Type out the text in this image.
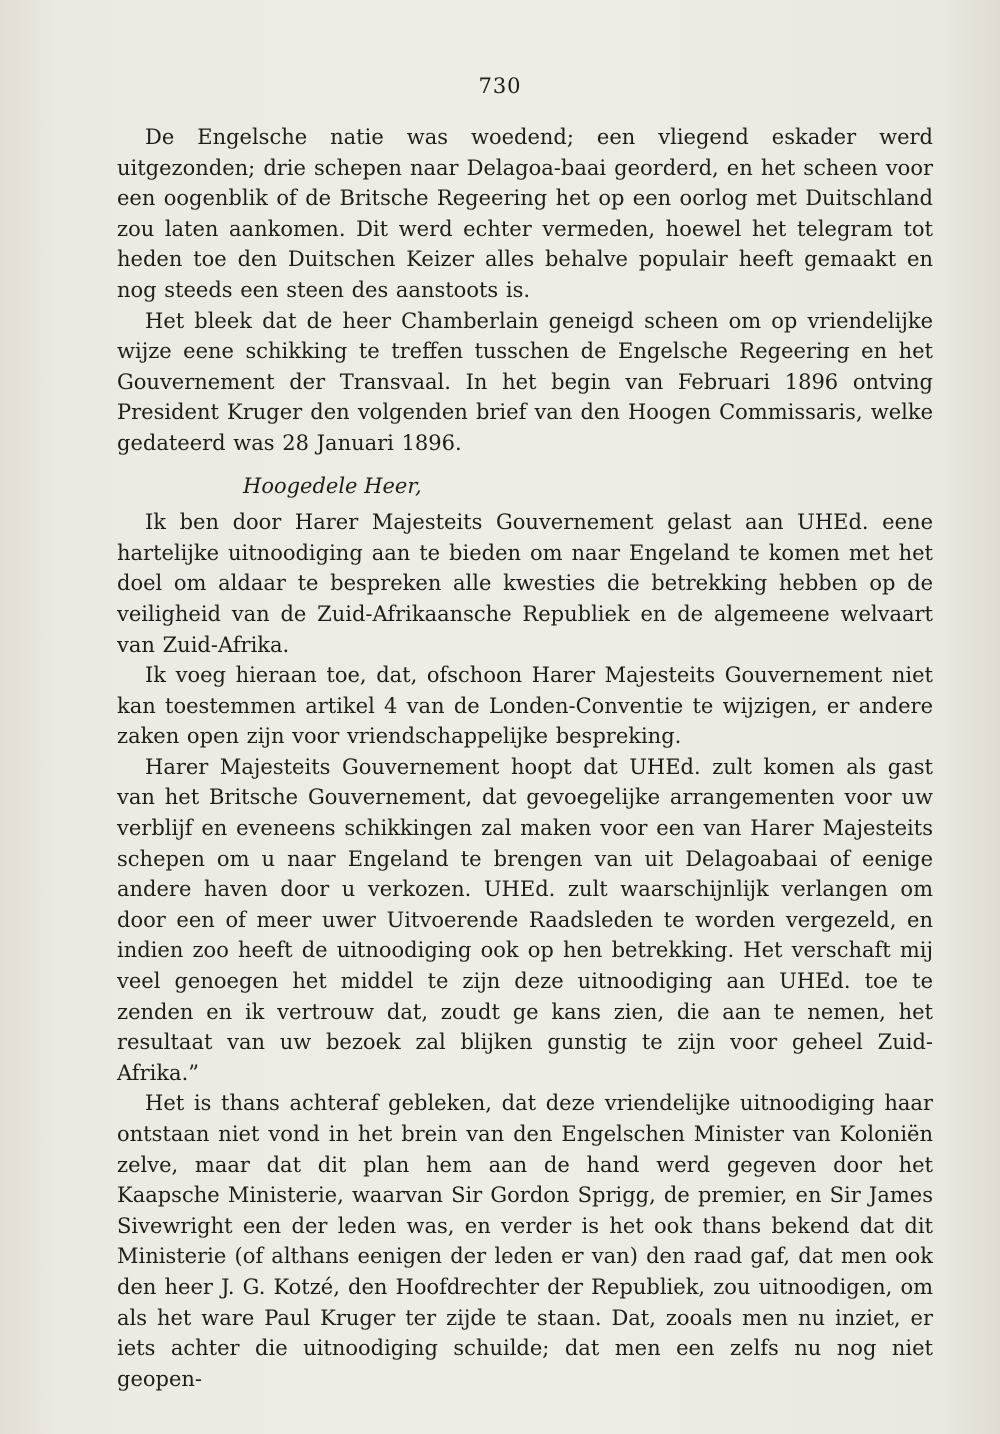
730

De Engelsche natie was woedend; een vliegend eskader werd uitgezonden; drie schepen naar Delagoa-baai georderd, en het scheen voor een oogenblik of de Britsche Regeering het op een oorlog met Duitschland zou laten aankomen. Dit werd echter vermeden, hoewel het telegram tot heden toe den Duitschen Keizer alles behalve populair heeft gemaakt en nog steeds een steen des aanstoots is.

Het bleek dat de heer Chamberlain geneigd scheen om op vriendelijke wijze eene schikking te treffen tusschen de Engelsche Regeering en het Gouvernement der Transvaal. In het begin van Februari 1896 ontving President Kruger den volgenden brief van den Hoogen Commissaris, welke gedateerd was 28 Januari 1896.

Hoogedele Heer,

Ik ben door Harer Majesteits Gouvernement gelast aan UHEd. eene hartelijke uitnoodiging aan te bieden om naar Engeland te komen met het doel om aldaar te bespreken alle kwesties die betrekking hebben op de veiligheid van de Zuid-Afrikaansche Republiek en de algemeene welvaart van Zuid-Afrika.

Ik voeg hieraan toe, dat, ofschoon Harer Majesteits Gouvernement niet kan toestemmen artikel 4 van de Londen-Conventie te wijzigen, er andere zaken open zijn voor vriendschappelijke bespreking.

Harer Majesteits Gouvernement hoopt dat UHEd. zult komen als gast van het Britsche Gouvernement, dat gevoegelijke arrangementen voor uw verblijf en eveneens schikkingen zal maken voor een van Harer Majesteits schepen om u naar Engeland te brengen van uit Delagoabaai of eenige andere haven door u verkozen. UHEd. zult waarschijnlijk verlangen om door een of meer uwer Uitvoerende Raadsleden te worden vergezeld, en indien zoo heeft de uitnoodiging ook op hen betrekking. Het verschaft mij veel genoegen het middel te zijn deze uitnoodiging aan UHEd. toe te zenden en ik vertrouw dat, zoudt ge kans zien, die aan te nemen, het resultaat van uw bezoek zal blijken gunstig te zijn voor geheel Zuid-Afrika.”

Het is thans achteraf gebleken, dat deze vriendelijke uitnoodiging haar ontstaan niet vond in het brein van den Engelschen Minister van Koloniën zelve, maar dat dit plan hem aan de hand werd gegeven door het Kaapsche Ministerie, waarvan Sir Gordon Sprigg, de premier, en Sir James Sivewright een der leden was, en verder is het ook thans bekend dat dit Ministerie (of althans eenigen der leden er van) den raad gaf, dat men ook den heer J. G. Kotzé, den Hoofdrechter der Republiek, zou uitnoodigen, om als het ware Paul Kruger ter zijde te staan. Dat, zooals men nu inziet, er iets achter die uitnoodiging schuilde; dat men een zelfs nu nog niet geopen-
